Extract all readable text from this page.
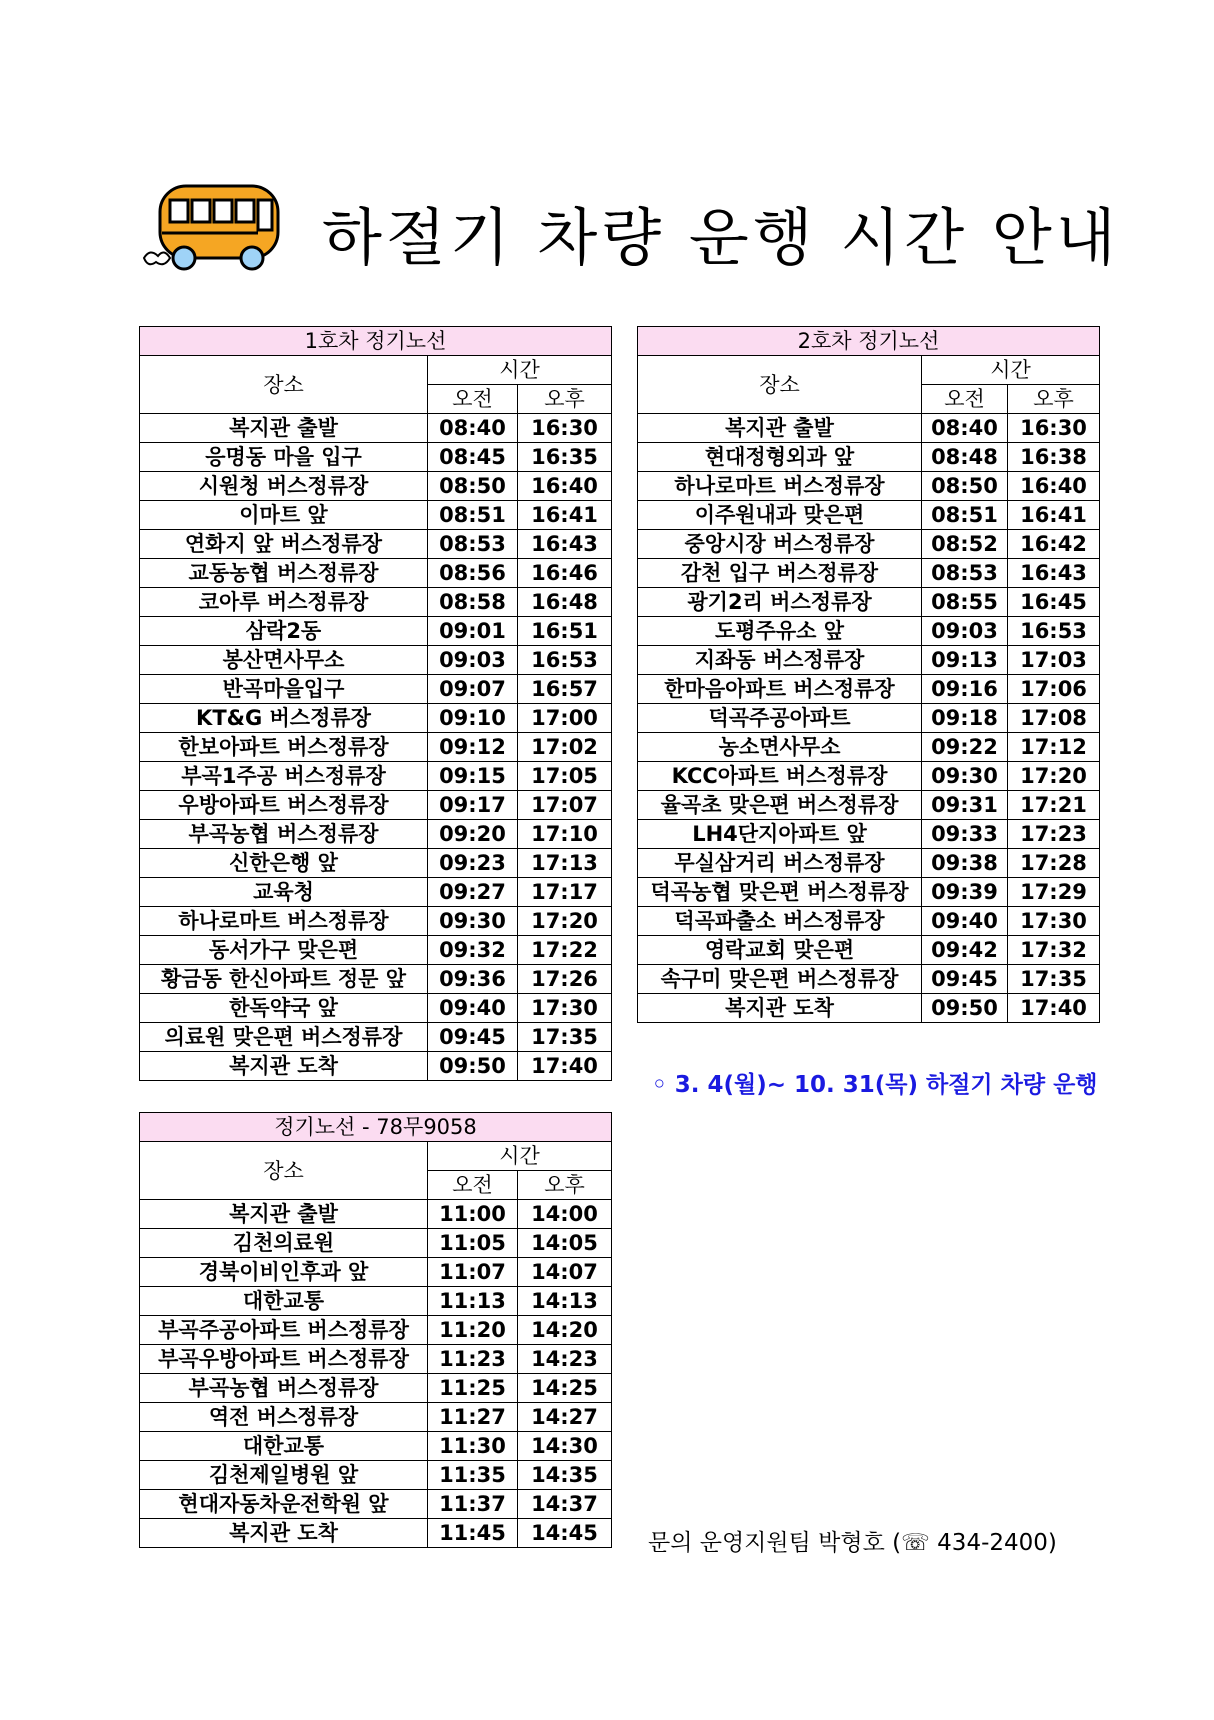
하절기 차량 운행 시간 안내
1호차 정기노선		
장소	시간	
	오전	오후
복지관 출발	08:40	16:30
응명동 마을 입구	08:45	16:35
시원청 버스정류장	08:50	16:40
이마트 앞	08:51	16:41
연화지 앞 버스정류장	08:53	16:43
교동농협 버스정류장	08:56	16:46
코아루 버스정류장	08:58	16:48
삼락2동	09:01	16:51
봉산면사무소	09:03	16:53
반곡마을입구	09:07	16:57
KT&G 버스정류장	09:10	17:00
한보아파트 버스정류장	09:12	17:02
부곡1주공 버스정류장	09:15	17:05
우방아파트 버스정류장	09:17	17:07
부곡농협 버스정류장	09:20	17:10
신한은행 앞	09:23	17:13
교육청	09:27	17:17
하나로마트 버스정류장	09:30	17:20
동서가구 맞은편	09:32	17:22
황금동 한신아파트 정문 앞	09:36	17:26
한독약국 앞	09:40	17:30
의료원 맞은편 버스정류장	09:45	17:35
복지관 도착	09:50	17:40
2호차 정기노선		
장소	시간	
	오전	오후
복지관 출발	08:40	16:30
현대정형외과 앞	08:48	16:38
하나로마트 버스정류장	08:50	16:40
이주원내과 맞은편	08:51	16:41
중앙시장 버스정류장	08:52	16:42
감천 입구 버스정류장	08:53	16:43
광기2리 버스정류장	08:55	16:45
도평주유소 앞	09:03	16:53
지좌동 버스정류장	09:13	17:03
한마음아파트 버스정류장	09:16	17:06
덕곡주공아파트	09:18	17:08
농소면사무소	09:22	17:12
KCC아파트 버스정류장	09:30	17:20
율곡초 맞은편 버스정류장	09:31	17:21
LH4단지아파트 앞	09:33	17:23
무실삼거리 버스정류장	09:38	17:28
덕곡농협 맞은편 버스정류장	09:39	17:29
덕곡파출소 버스정류장	09:40	17:30
영락교회 맞은편	09:42	17:32
속구미 맞은편 버스정류장	09:45	17:35
복지관 도착	09:50	17:40
◦ 3. 4(월)~ 10. 31(목) 하절기 차량 운행
정기노선 - 78무9058		
장소	시간	
	오전	오후
복지관 출발	11:00	14:00
김천의료원	11:05	14:05
경북이비인후과 앞	11:07	14:07
대한교통	11:13	14:13
부곡주공아파트 버스정류장	11:20	14:20
부곡우방아파트 버스정류장	11:23	14:23
부곡농협 버스정류장	11:25	14:25
역전 버스정류장	11:27	14:27
대한교통	11:30	14:30
김천제일병원 앞	11:35	14:35
현대자동차운전학원 앞	11:37	14:37
복지관 도착	11:45	14:45 문의 운영지원팀 박형호 (☏ 434-2400)
